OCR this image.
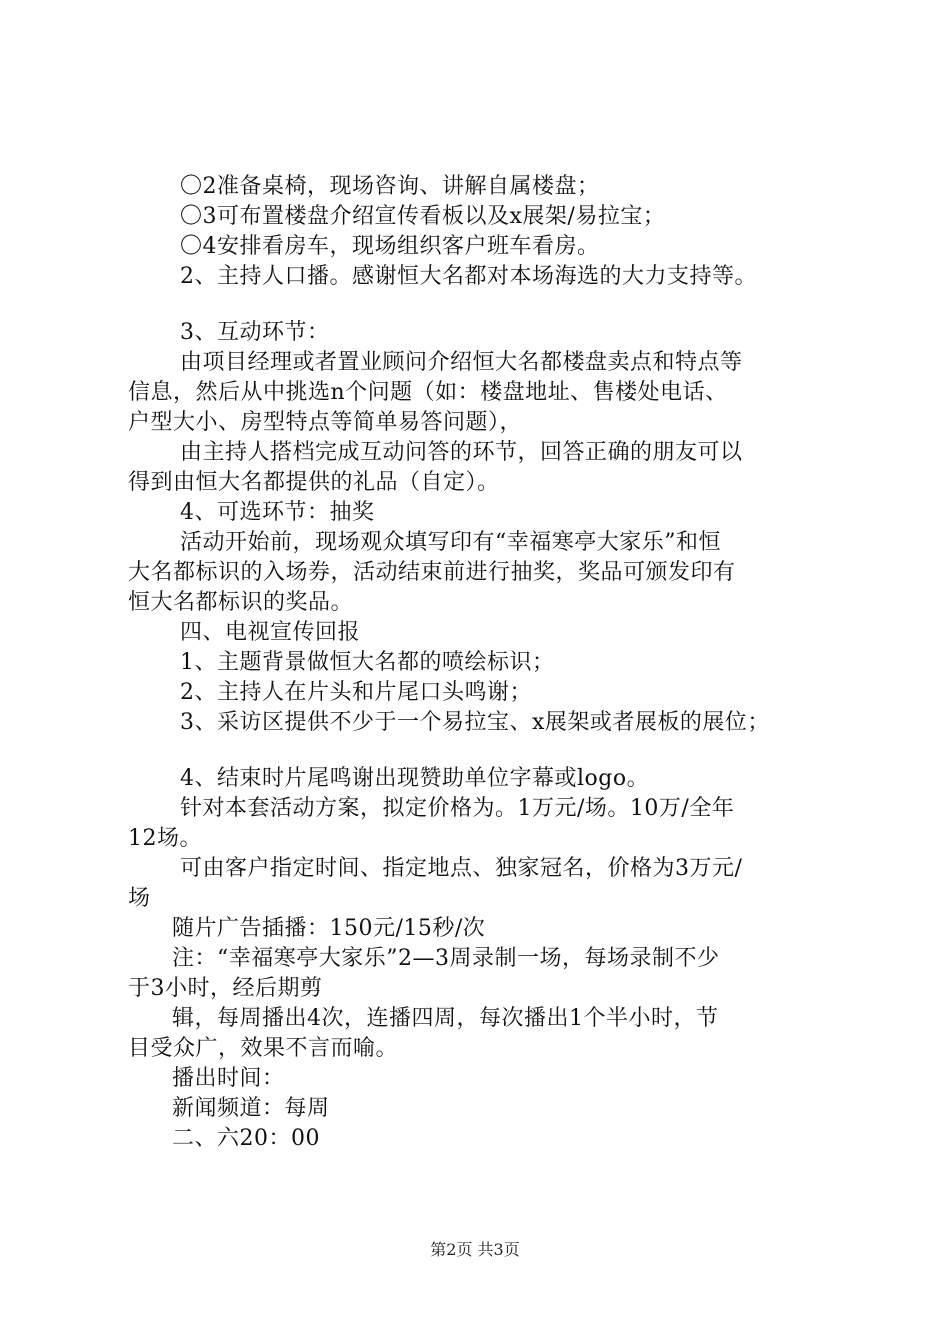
〇2准备桌椅，现场咨询、讲解自属楼盘；
〇3可布置楼盘介绍宣传看板以及x展架/易拉宝；
〇4安排看房车，现场组织客户班车看房。
2、主持人口播。感谢恒大名都对本场海选的大力支持等。
3、互动环节：
由项目经理或者置业顾问介绍恒大名都楼盘卖点和特点等
信息，然后从中挑选n个问题（如：楼盘地址、售楼处电话、
户型大小、房型特点等简单易答问题），
由主持人搭档完成互动问答的环节，回答正确的朋友可以
得到由恒大名都提供的礼品（自定）。
4、可选环节：抽奖
活动开始前，现场观众填写印有“幸福寒亭大家乐”和恒
大名都标识的入场券，活动结束前进行抽奖，奖品可颁发印有
恒大名都标识的奖品。
四、电视宣传回报
1、主题背景做恒大名都的喷绘标识；
2、主持人在片头和片尾口头鸣谢；
3、采访区提供不少于一个易拉宝、x展架或者展板的展位；
4、结束时片尾鸣谢出现赞助单位字幕或logo。
针对本套活动方案，拟定价格为。1万元/场。10万/全年
12场。
可由客户指定时间、指定地点、独家冠名，价格为3万元/
场
随片广告插播：150元/15秒/次
注：“幸福寒亭大家乐”2—3周录制一场，每场录制不少
于3小时，经后期剪
辑，每周播出4次，连播四周，每次播出1个半小时，节
目受众广，效果不言而喻。
播出时间：
新闻频道：每周
二、六20：00
第2页 共3页
